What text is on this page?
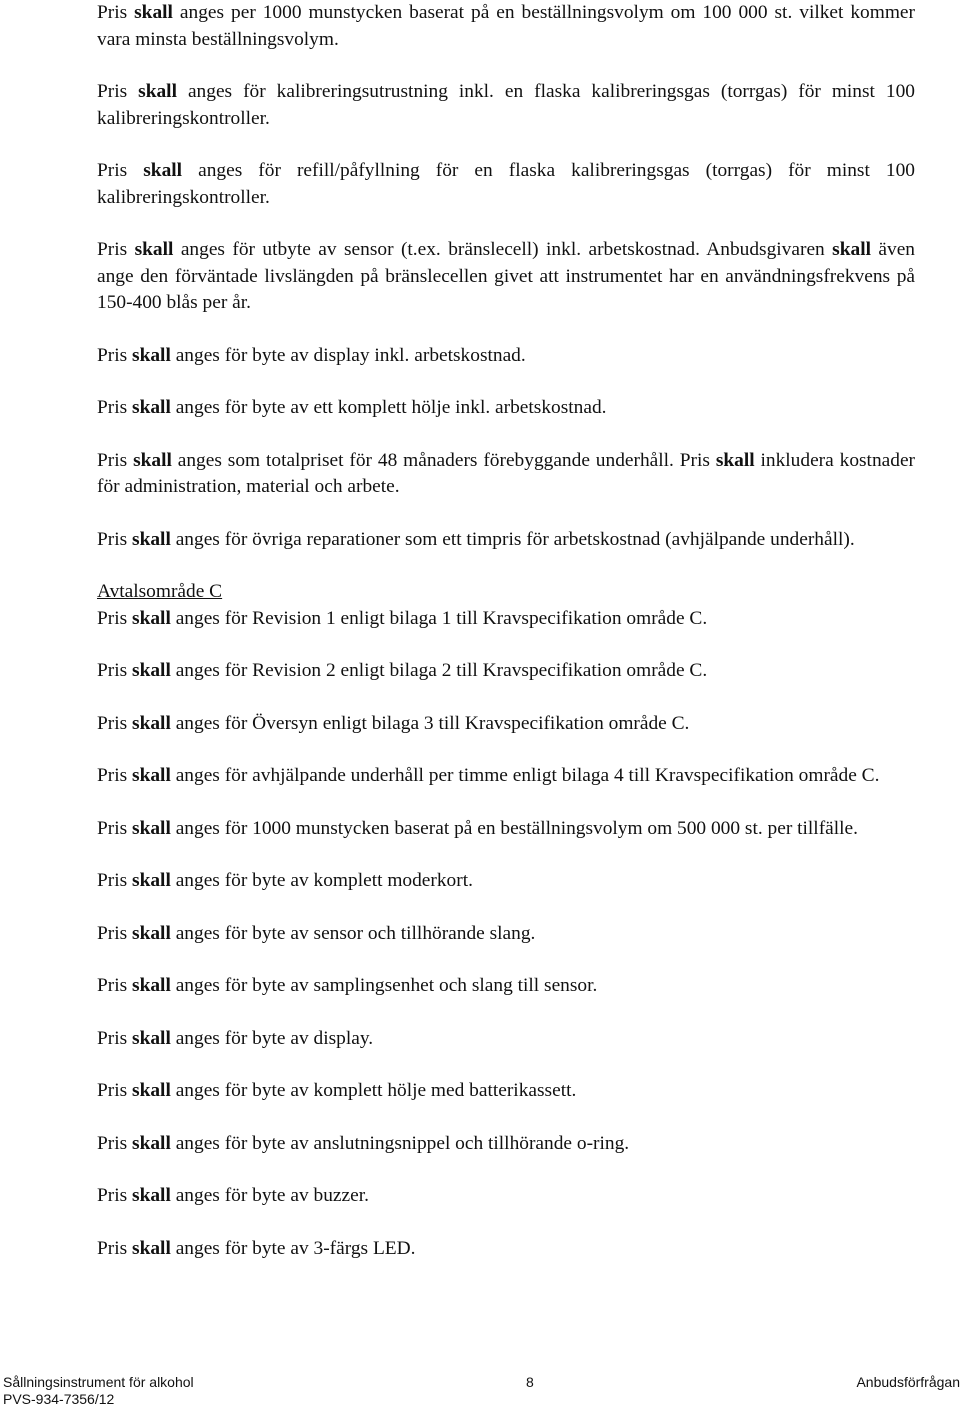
Pris skall anges per 1000 munstycken baserat på en beställningsvolym om 100 000 st. vilket kommer vara minsta beställningsvolym.

Pris skall anges för kalibreringsutrustning inkl. en flaska kalibreringsgas (torrgas) för minst 100 kalibreringskontroller.

Pris skall anges för refill/påfyllning för en flaska kalibreringsgas (torrgas) för minst 100 kalibreringskontroller.

Pris skall anges för utbyte av sensor (t.ex. bränslecell) inkl. arbetskostnad. Anbudsgivaren skall även ange den förväntade livslängden på bränslecellen givet att instrumentet har en användningsfrekvens på 150-400 blås per år.

Pris skall anges för byte av display inkl. arbetskostnad.

Pris skall anges för byte av ett komplett hölje inkl. arbetskostnad.

Pris skall anges som totalpriset för 48 månaders förebyggande underhåll. Pris skall inkludera kostnader för administration, material och arbete.

Pris skall anges för övriga reparationer som ett timpris för arbetskostnad (avhjälpande underhåll).

Avtalsområde C

Pris skall anges för Revision 1 enligt bilaga 1 till Kravspecifikation område C.

Pris skall anges för Revision 2 enligt bilaga 2 till Kravspecifikation område C.

Pris skall anges för Översyn enligt bilaga 3 till Kravspecifikation område C.

Pris skall anges för avhjälpande underhåll per timme enligt bilaga 4 till Kravspecifikation område C.

Pris skall anges för 1000 munstycken baserat på en beställningsvolym om 500 000 st. per tillfälle.

Pris skall anges för byte av komplett moderkort.

Pris skall anges för byte av sensor och tillhörande slang.

Pris skall anges för byte av samplingsenhet och slang till sensor.

Pris skall anges för byte av display.

Pris skall anges för byte av komplett hölje med batterikassett.

Pris skall anges för byte av anslutningsnippel och tillhörande o-ring.

Pris skall anges för byte av buzzer.

Pris skall anges för byte av 3-färgs LED.

Sållningsinstrument för alkohol	8	Anbudsförfrågan
PVS-934-7356/12
